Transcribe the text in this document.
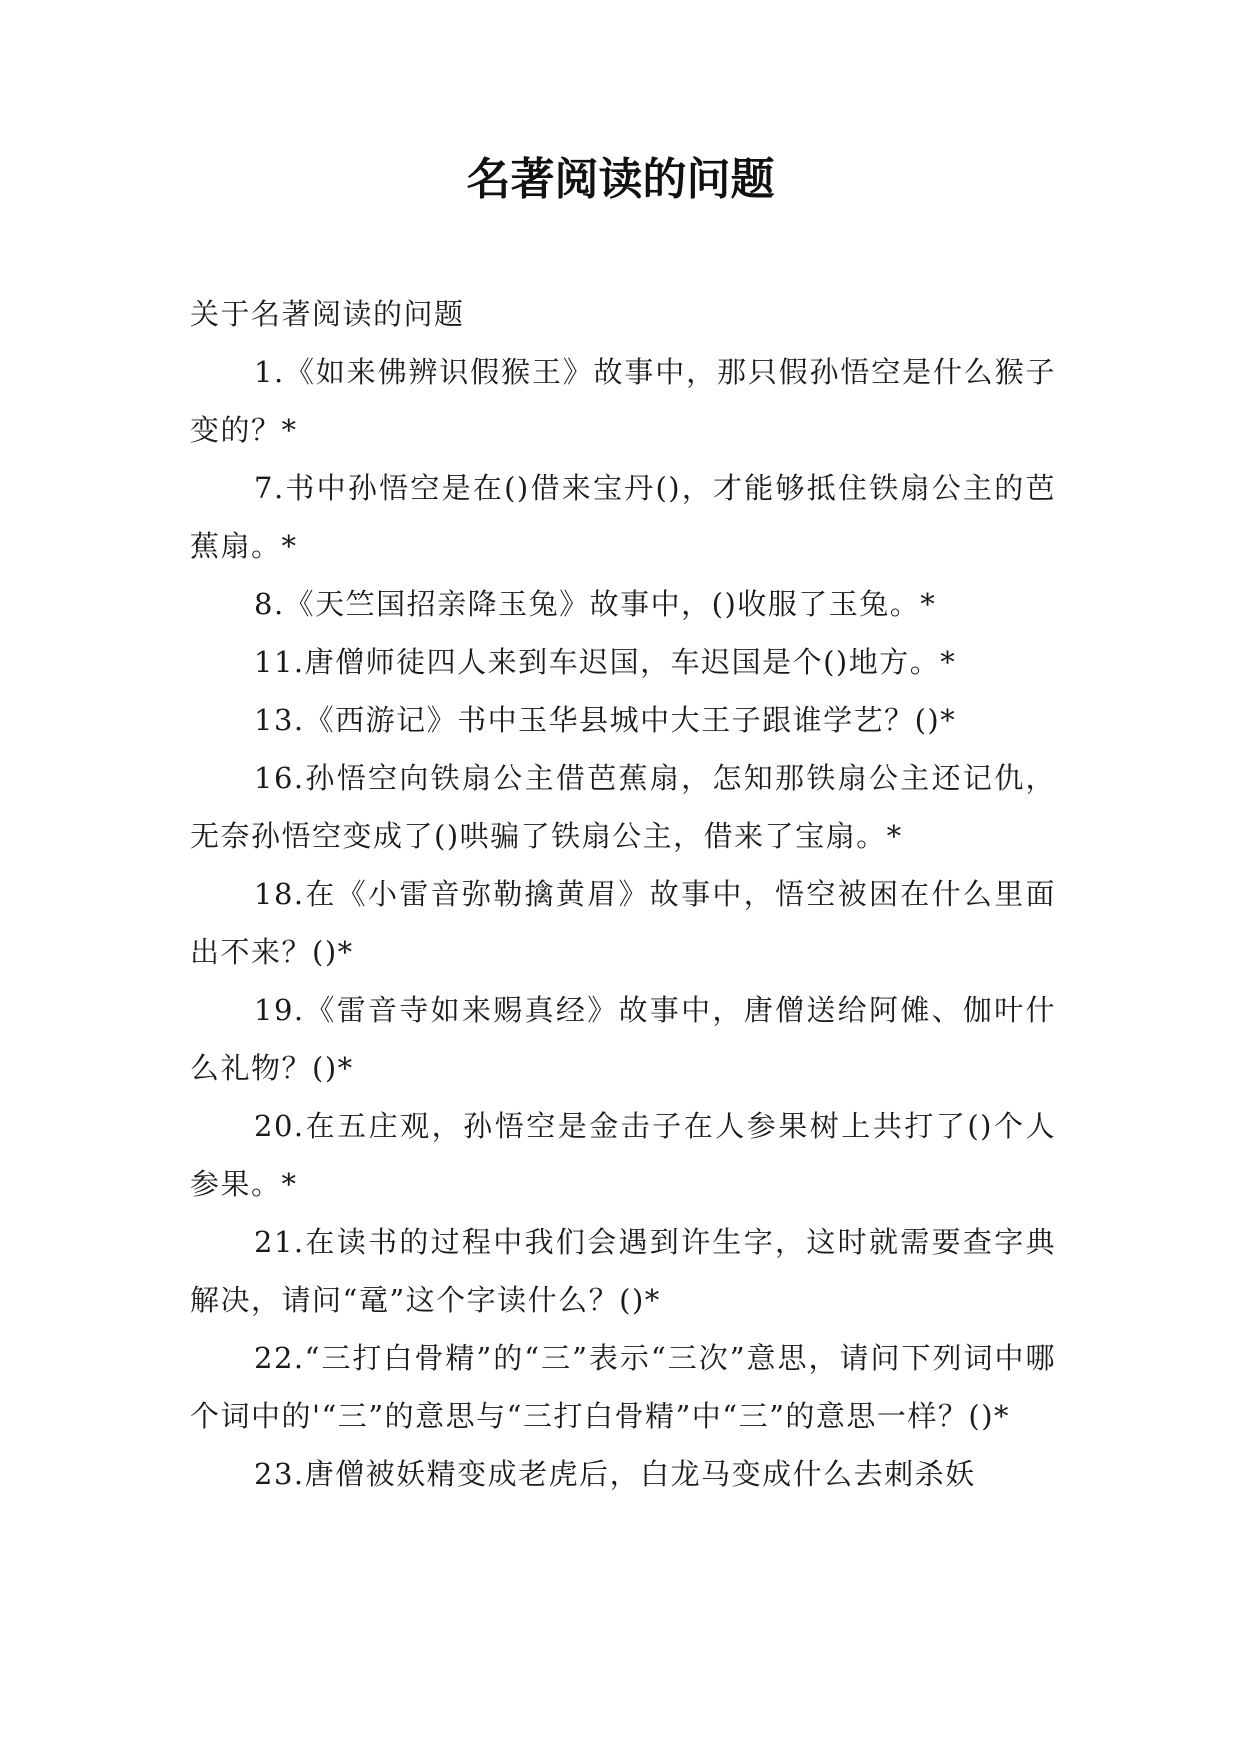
名著阅读的问题

关于名著阅读的问题

1.《如来佛辨识假猴王》故事中，那只假孙悟空是什么猴子变的？*

7.书中孙悟空是在()借来宝丹()，才能够抵住铁扇公主的芭蕉扇。*

8.《天竺国招亲降玉兔》故事中，()收服了玉兔。*

11.唐僧师徒四人来到车迟国，车迟国是个()地方。*

13.《西游记》书中玉华县城中大王子跟谁学艺？()*

16.孙悟空向铁扇公主借芭蕉扇，怎知那铁扇公主还记仇，无奈孙悟空变成了()哄骗了铁扇公主，借来了宝扇。*

18.在《小雷音弥勒擒黄眉》故事中，悟空被困在什么里面出不来？()*

19.《雷音寺如来赐真经》故事中，唐僧送给阿傩、伽叶什么礼物？()*

20.在五庄观，孙悟空是金击子在人参果树上共打了()个人参果。*

21.在读书的过程中我们会遇到许生字，这时就需要查字典解决，请问“鼋”这个字读什么？()*

22.“三打白骨精”的“三”表示“三次”意思，请问下列词中哪个词中的'“三”的意思与“三打白骨精”中“三”的意思一样？()*

23.唐僧被妖精变成老虎后，白龙马变成什么去刺杀妖
